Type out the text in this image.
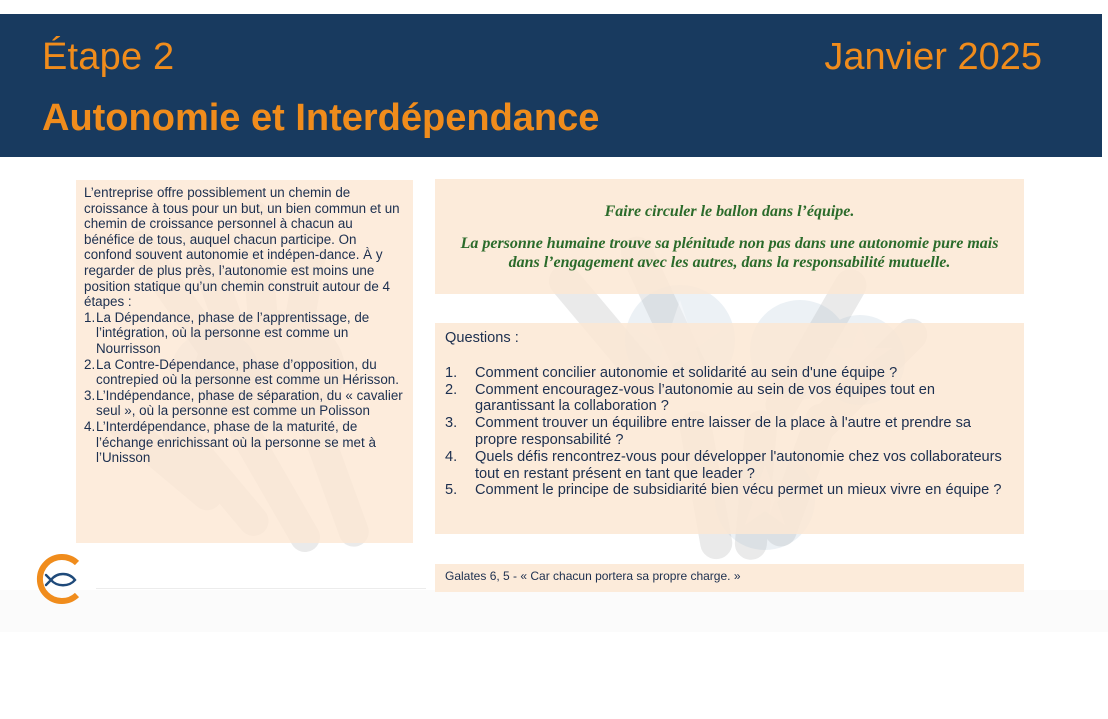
Étape 2	Janvier 2025
Autonomie et Interdépendance

L’entreprise offre possiblement un chemin de croissance à tous pour un but, un bien commun et un chemin de croissance personnel à chacun au bénéfice de tous, auquel chacun participe. On confond souvent autonomie et indépen-dance. À y regarder de plus près, l’autonomie est moins une position statique qu’un chemin construit autour de 4 étapes :

1. La Dépendance, phase de l’apprentissage, de l’intégration, où la personne est comme un Nourrisson
2. La Contre-Dépendance, phase d’opposition, du contrepied où la personne est comme un Hérisson.
3. L’Indépendance, phase de séparation, du « cavalier seul », où la personne est comme un Polisson
4. L’Interdépendance, phase de la maturité, de l’échange enrichissant où la personne se met à l’Unisson
Faire circuler le ballon dans l’équipe.
La personne humaine trouve sa plénitude non pas dans une autonomie pure mais dans l’engagement avec les autres, dans la responsabilité mutuelle.

Questions :

1. Comment concilier autonomie et solidarité au sein d'une équipe ?
2. Comment encouragez-vous l’autonomie au sein de vos équipes tout en garantissant la collaboration ?
3. Comment trouver un équilibre entre laisser de la place à l'autre et prendre sa propre responsabilité ?
4. Quels défis rencontrez-vous pour développer l'autonomie chez vos collaborateurs tout en restant présent en tant que leader ?
5. Comment le principe de subsidiarité bien vécu permet un mieux vivre en équipe ?
Galates 6, 5 - « Car chacun portera sa propre charge. »
